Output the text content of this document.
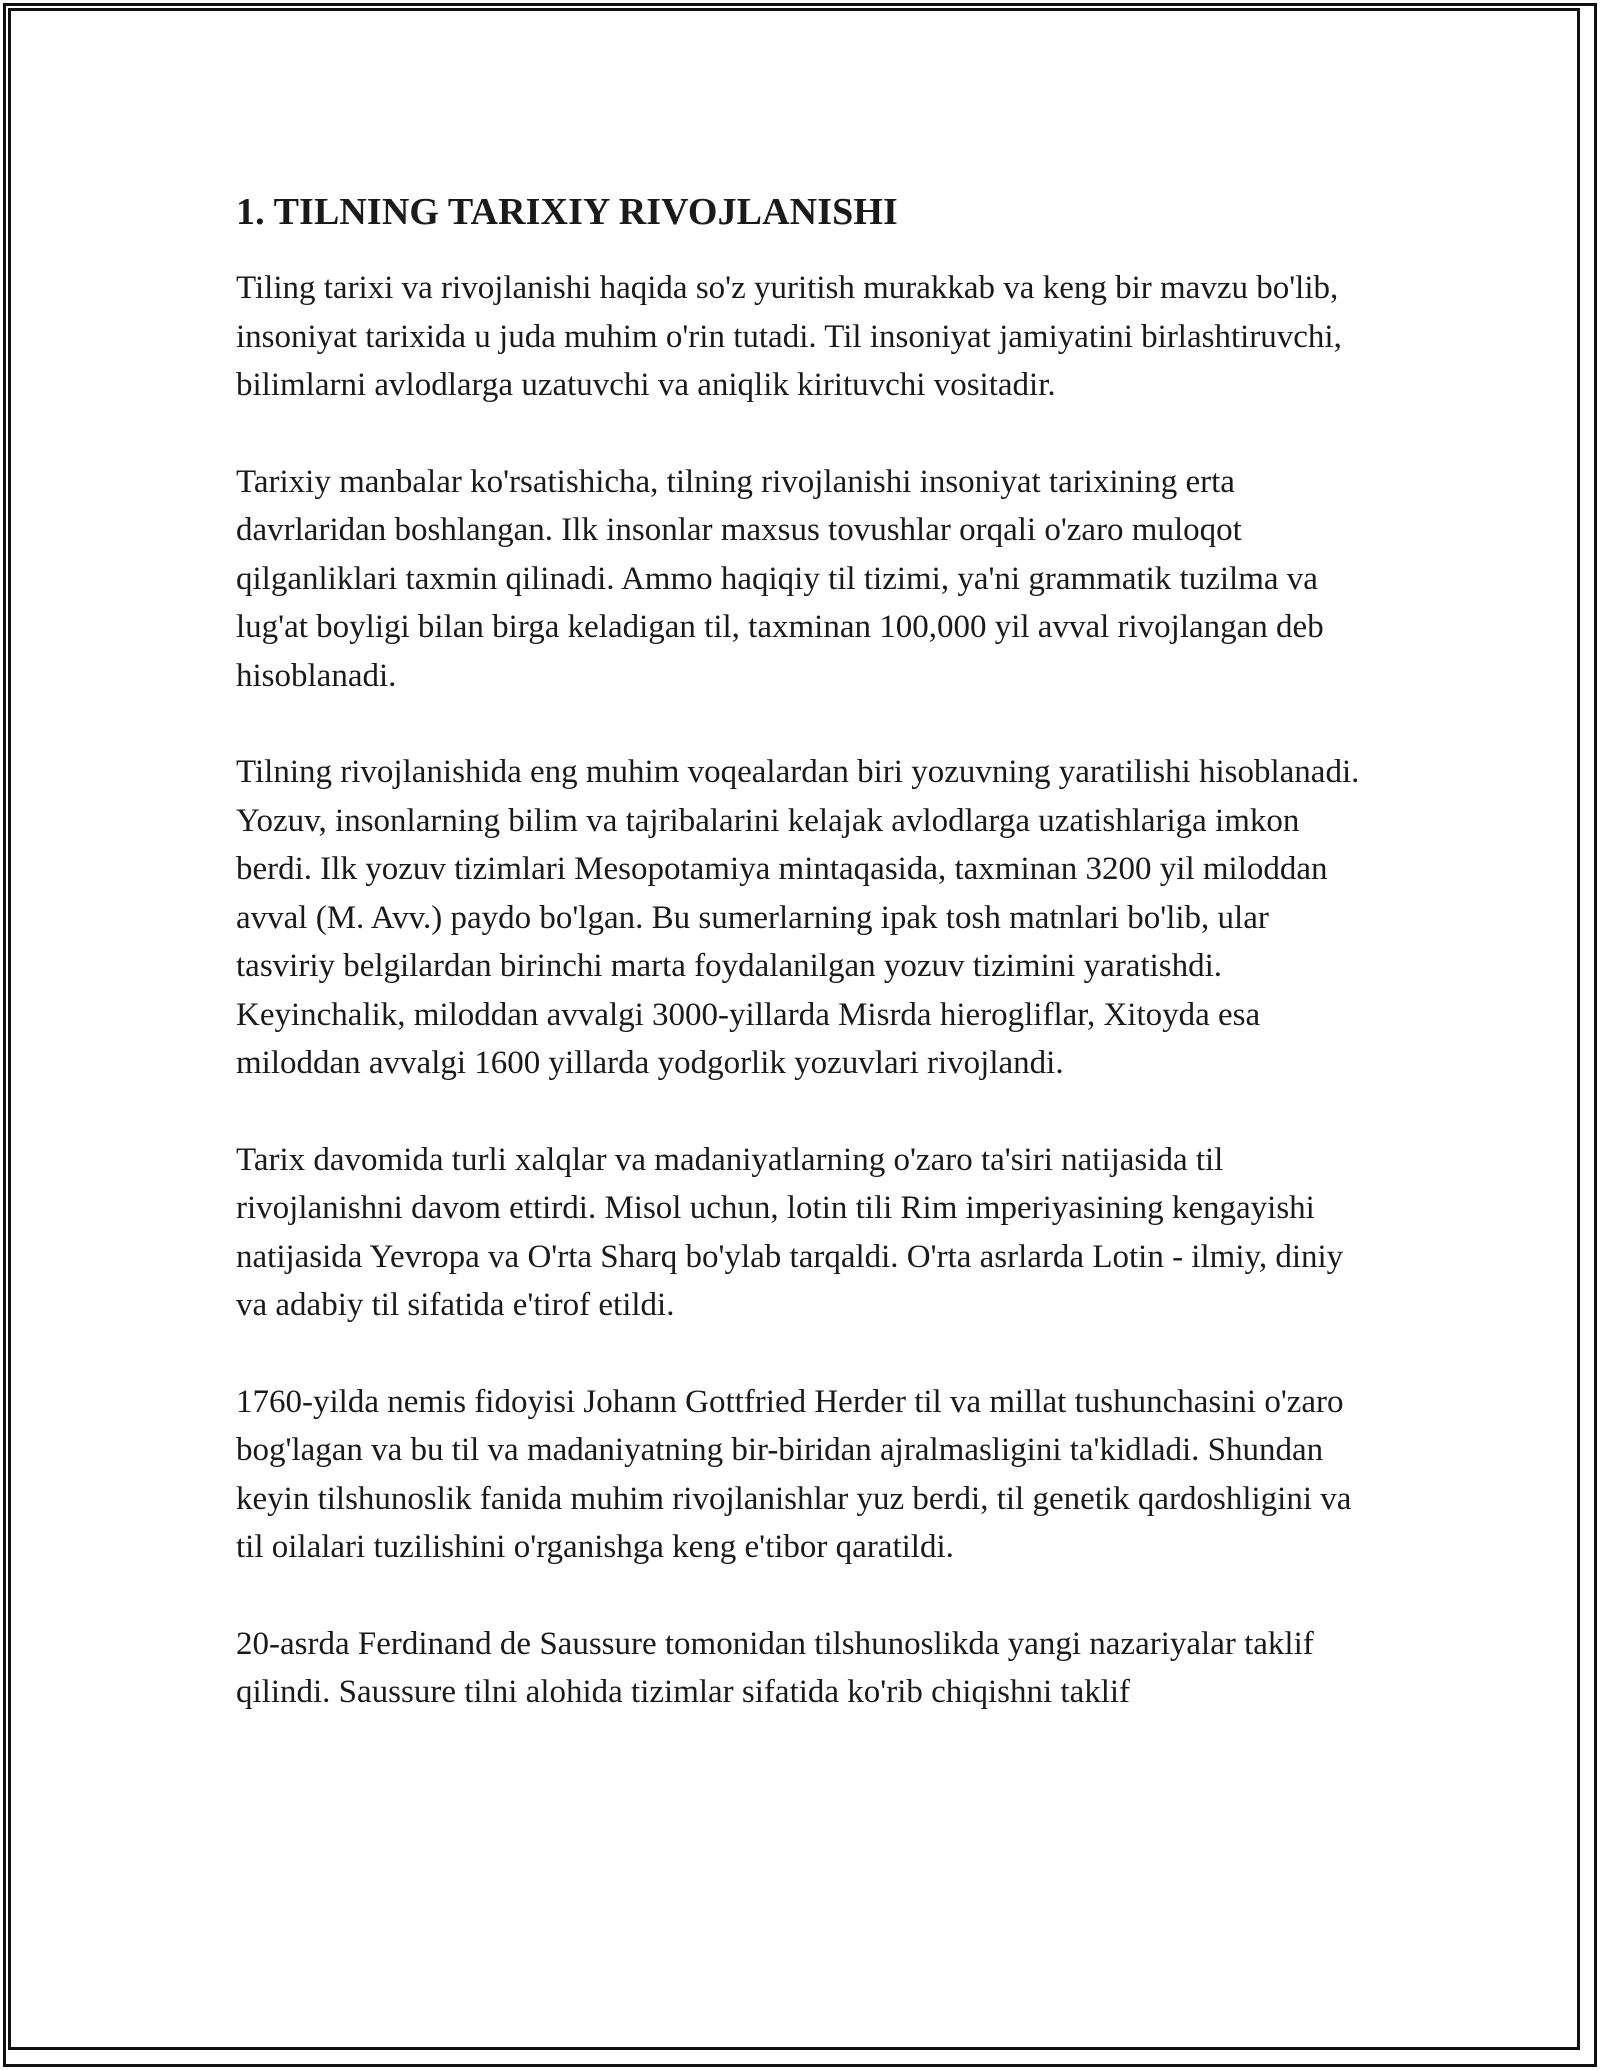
1. TILNING TARIXIY RIVOJLANISHI

Tiling tarixi va rivojlanishi haqida so'z yuritish murakkab va keng bir mavzu bo'lib, insoniyat tarixida u juda muhim o'rin tutadi. Til insoniyat jamiyatini birlashtiruvchi, bilimlarni avlodlarga uzatuvchi va aniqlik kirituvchi vositadir.

Tarixiy manbalar ko'rsatishicha, tilning rivojlanishi insoniyat tarixining erta davrlaridan boshlangan. Ilk insonlar maxsus tovushlar orqali o'zaro muloqot qilganliklari taxmin qilinadi. Ammo haqiqiy til tizimi, ya'ni grammatik tuzilma va lug'at boyligi bilan birga keladigan til, taxminan 100,000 yil avval rivojlangan deb hisoblanadi.

Tilning rivojlanishida eng muhim voqealardan biri yozuvning yaratilishi hisoblanadi. Yozuv, insonlarning bilim va tajribalarini kelajak avlodlarga uzatishlariga imkon berdi. Ilk yozuv tizimlari Mesopotamiya mintaqasida, taxminan 3200 yil miloddan avval (M. Avv.) paydo bo'lgan. Bu sumerlarning ipak tosh matnlari bo'lib, ular tasviriy belgilardan birinchi marta foydalanilgan yozuv tizimini yaratishdi. Keyinchalik, miloddan avvalgi 3000-yillarda Misrda hierogliflar, Xitoyda esa miloddan avvalgi 1600 yillarda yodgorlik yozuvlari rivojlandi.

Tarix davomida turli xalqlar va madaniyatlarning o'zaro ta'siri natijasida til rivojlanishni davom ettirdi. Misol uchun, lotin tili Rim imperiyasining kengayishi natijasida Yevropa va O'rta Sharq bo'ylab tarqaldi. O'rta asrlarda Lotin - ilmiy, diniy va adabiy til sifatida e'tirof etildi.

1760-yilda nemis fidoyisi Johann Gottfried Herder til va millat tushunchasini o'zaro bog'lagan va bu til va madaniyatning bir-biridan ajralmasligini ta'kidladi. Shundan keyin tilshunoslik fanida muhim rivojlanishlar yuz berdi, til genetik qardoshligini va til oilalari tuzilishini o'rganishga keng e'tibor qaratildi.

20-asrda Ferdinand de Saussure tomonidan tilshunoslikda yangi nazariyalar taklif qilindi. Saussure tilni alohida tizimlar sifatida ko'rib chiqishni taklif
